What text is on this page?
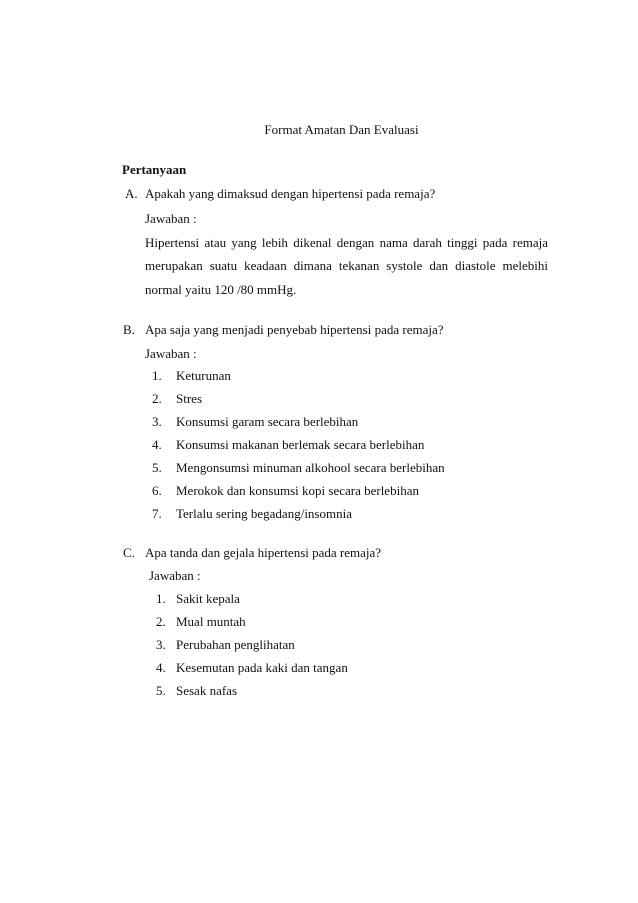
Format Amatan Dan Evaluasi
Pertanyaan
A. Apakah yang dimaksud dengan hipertensi pada remaja?
Jawaban :
Hipertensi atau yang lebih dikenal dengan nama darah tinggi pada remaja
merupakan suatu keadaan dimana tekanan systole dan diastole melebihi
normal yaitu 120 /80 mmHg.
B. Apa saja yang menjadi penyebab hipertensi pada remaja?
Jawaban :
1. Keturunan
2. Stres
3. Konsumsi garam secara berlebihan
4. Konsumsi makanan berlemak secara berlebihan
5. Mengonsumsi minuman alkohool secara berlebihan
6. Merokok dan konsumsi kopi secara berlebihan
7. Terlalu sering begadang/insomnia
C. Apa tanda dan gejala hipertensi pada remaja?
Jawaban :
1. Sakit kepala
2. Mual muntah
3. Perubahan penglihatan
4. Kesemutan pada kaki dan tangan
5. Sesak nafas
